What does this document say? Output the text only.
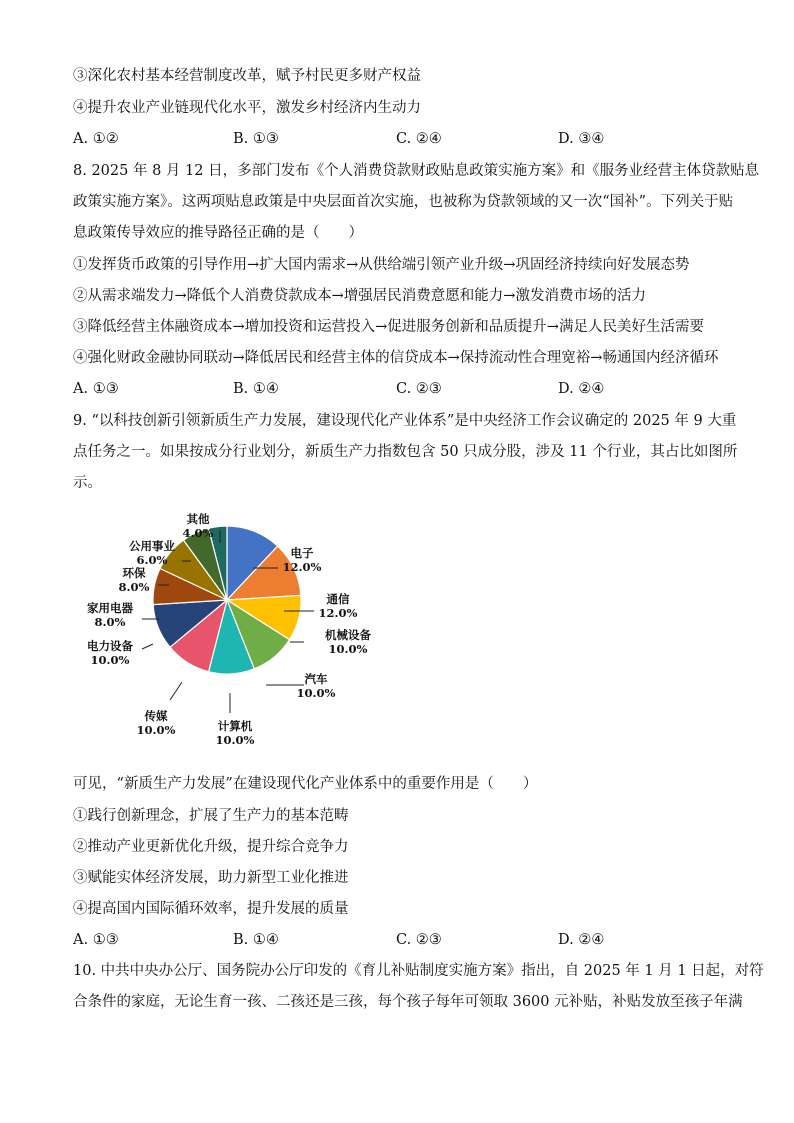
③深化农村基本经营制度改革，赋予村民更多财产权益
④提升农业产业链现代化水平，激发乡村经济内生动力
A. ①②	B. ①③	C. ②④	D. ③④
8. 2025 年 8 月 12 日，多部门发布《个人消费贷款财政贴息政策实施方案》和《服务业经营主体贷款贴息
政策实施方案》。这两项贴息政策是中央层面首次实施，也被称为贷款领域的又一次“国补”。下列关于贴
息政策传导效应的推导路径正确的是（　　）
①发挥货币政策的引导作用→扩大国内需求→从供给端引领产业升级→巩固经济持续向好发展态势
②从需求端发力→降低个人消费贷款成本→增强居民消费意愿和能力→激发消费市场的活力
③降低经营主体融资成本→增加投资和运营投入→促进服务创新和品质提升→满足人民美好生活需要
④强化财政金融协同联动→降低居民和经营主体的信贷成本→保持流动性合理宽裕→畅通国内经济循环
A. ①③	B. ①④	C. ②③	D. ②④
9. “以科技创新引领新质生产力发展，建设现代化产业体系”是中央经济工作会议确定的 2025 年 9 大重
点任务之一。如果按成分行业划分，新质生产力指数包含 50 只成分股，涉及 11 个行业，其占比如图所
示。
电子
12.0%
通信
12.0%
机械设备
10.0%
汽车
10.0%
计算机
10.0%
传媒
10.0%
电力设备
10.0%
家用电器
8.0%
环保
8.0%
公用事业
6.0%
其他
4.0%
可见，“新质生产力发展”在建设现代化产业体系中的重要作用是（　　）
①践行创新理念，扩展了生产力的基本范畴
②推动产业更新优化升级，提升综合竞争力
③赋能实体经济发展，助力新型工业化推进
④提高国内国际循环效率，提升发展的质量
A. ①③	B. ①④	C. ②③	D. ②④
10. 中共中央办公厅、国务院办公厅印发的《育儿补贴制度实施方案》指出，自 2025 年 1 月 1 日起，对符
合条件的家庭，无论生育一孩、二孩还是三孩，每个孩子每年可领取 3600 元补贴，补贴发放至孩子年满
